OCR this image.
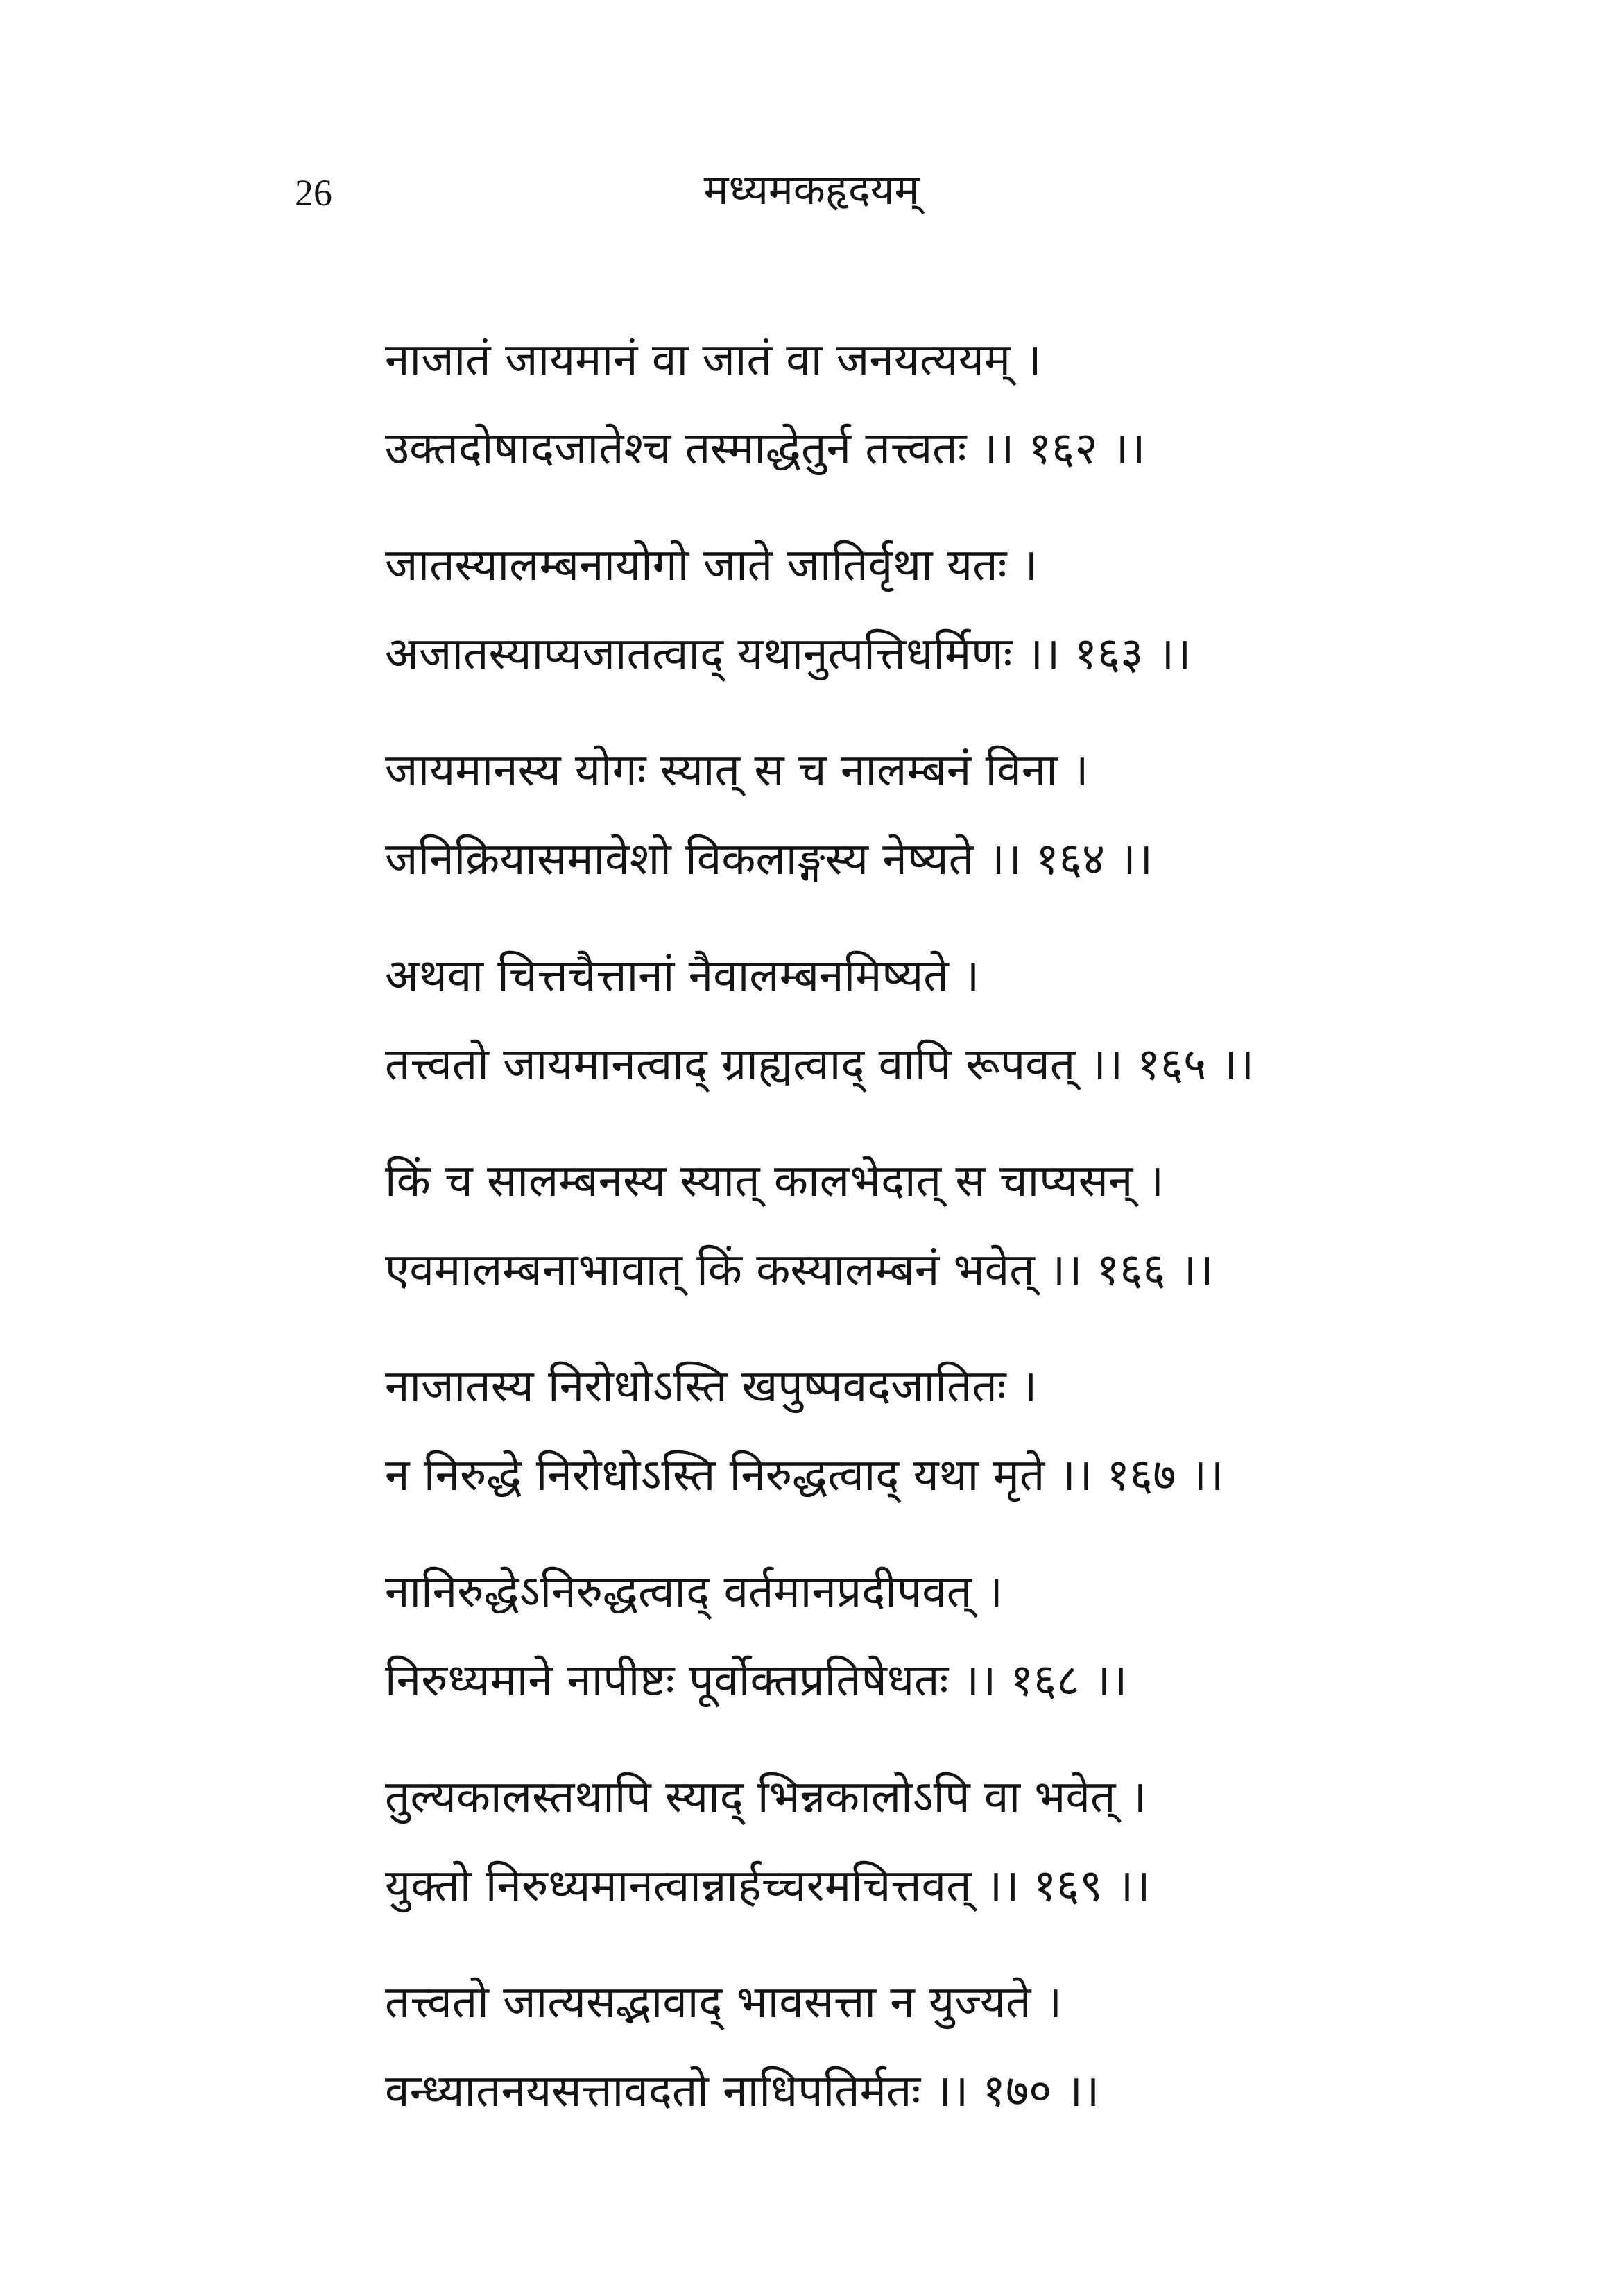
26	मध्यमकहृदयम्
नाजातं जायमानं वा जातं वा जनयत्ययम् ।
उक्तदोषादजातेश्च तस्माद्धेतुर्न तत्त्वतः ।। १६२ ।।
जातस्यालम्बनायोगो जाते जातिर्वृथा यतः ।
अजातस्याप्यजातत्वाद् यथानुत्पत्तिधर्मिणः ।। १६३ ।।
जायमानस्य योगः स्यात् स च नालम्बनं विना ।
जनिक्रियासमावेशो विकलाङ्गस्य नेष्यते ।। १६४ ।।
अथवा चित्तचैत्तानां नैवालम्बनमिष्यते ।
तत्त्वतो जायमानत्वाद् ग्राह्यत्वाद् वापि रूपवत् ।। १६५ ।।
किं च सालम्बनस्य स्यात् कालभेदात् स चाप्यसन् ।
एवमालम्बनाभावात् किं कस्यालम्बनं भवेत् ।। १६६ ।।
नाजातस्य निरोधोऽस्ति खपुष्पवदजातितः ।
न निरुद्धे निरोधोऽस्ति निरुद्धत्वाद् यथा मृते ।। १६७ ।।
नानिरुद्धेऽनिरुद्धत्वाद् वर्तमानप्रदीपवत् ।
निरुध्यमाने नापीष्टः पूर्वोक्तप्रतिषेधतः ।। १६८ ।।
तुल्यकालस्तथापि स्याद् भिन्नकालोऽपि वा भवेत् ।
युक्तो निरुध्यमानत्वान्नार्हच्चरमचित्तवत् ।। १६९ ।।
तत्त्वतो जात्यसद्भावाद् भावसत्ता न युज्यते ।
वन्ध्यातनयसत्तावदतो नाधिपतिर्मतः ।। १७० ।।
